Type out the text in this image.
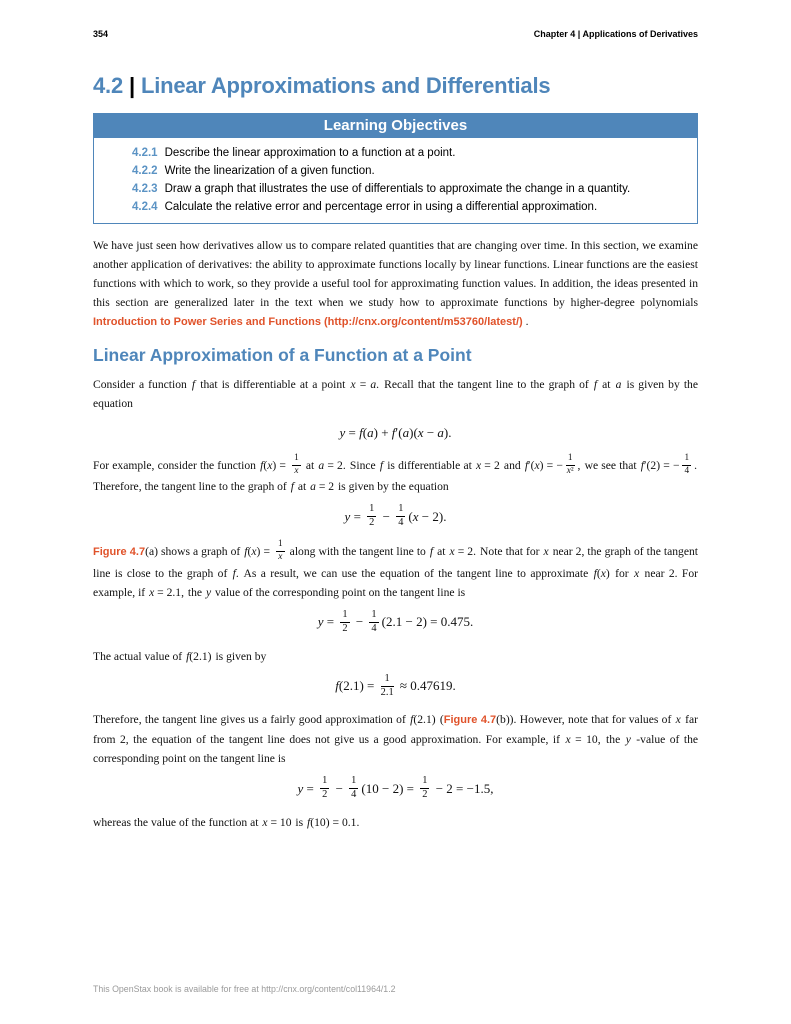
354	Chapter 4 | Applications of Derivatives
4.2 | Linear Approximations and Differentials
Learning Objectives
4.2.1 Describe the linear approximation to a function at a point.
4.2.2 Write the linearization of a given function.
4.2.3 Draw a graph that illustrates the use of differentials to approximate the change in a quantity.
4.2.4 Calculate the relative error and percentage error in using a differential approximation.

We have just seen how derivatives allow us to compare related quantities that are changing over time. In this section, we examine another application of derivatives: the ability to approximate functions locally by linear functions. Linear functions are the easiest functions with which to work, so they provide a useful tool for approximating function values. In addition, the ideas presented in this section are generalized later in the text when we study how to approximate functions by higher-degree polynomials Introduction to Power Series and Functions (http://cnx.org/content/m53760/latest/) .

Linear Approximation of a Function at a Point

Consider a function f that is differentiable at a point x = a. Recall that the tangent line to the graph of f at a is given by the equation

y = f(a) + f′(a)(x − a).

For example, consider the function $f(x) = \frac{1}{x}$ at a = 2. Since f is differentiable at x = 2 and f′(x) = − $\frac{1}{\text{x²}}$ , we see that f′(2) = − $\frac{1}{4}$ . Therefore, the tangent line to the graph of f at a = 2 is given by the equation

$y = \frac{1}{2} - \frac{1}{4} (x - 2)$.

Figure 4.7(a) shows a graph of $f(x) = \frac{1}{x}$ along with the tangent line to f at x = 2. Note that for x near 2, the graph of the tangent line is close to the graph of f. As a result, we can use the equation of the tangent line to approximate f(x) for x near 2. For example, if x = 2.1, the y value of the corresponding point on the tangent line is

$y = \frac{1}{2} - \frac{1}{4} (2.1 - 2) = 0.475$.

The actual value of f(2.1) is given by

$f(2.1) = \frac{1}{2.1} \approx 0.47619$.

Therefore, the tangent line gives us a fairly good approximation of f(2.1) (Figure 4.7(b)). However, note that for values of x far from 2, the equation of the tangent line does not give us a good approximation. For example, if x = 10, the y -value of the corresponding point on the tangent line is

$y = \frac{1}{2} - \frac{1}{4} (10 - 2) = \frac{1}{2} - 2 = -1.5$,

whereas the value of the function at x = 10 is f(10) = 0.1.

This OpenStax book is available for free at http://cnx.org/content/col11964/1.2
